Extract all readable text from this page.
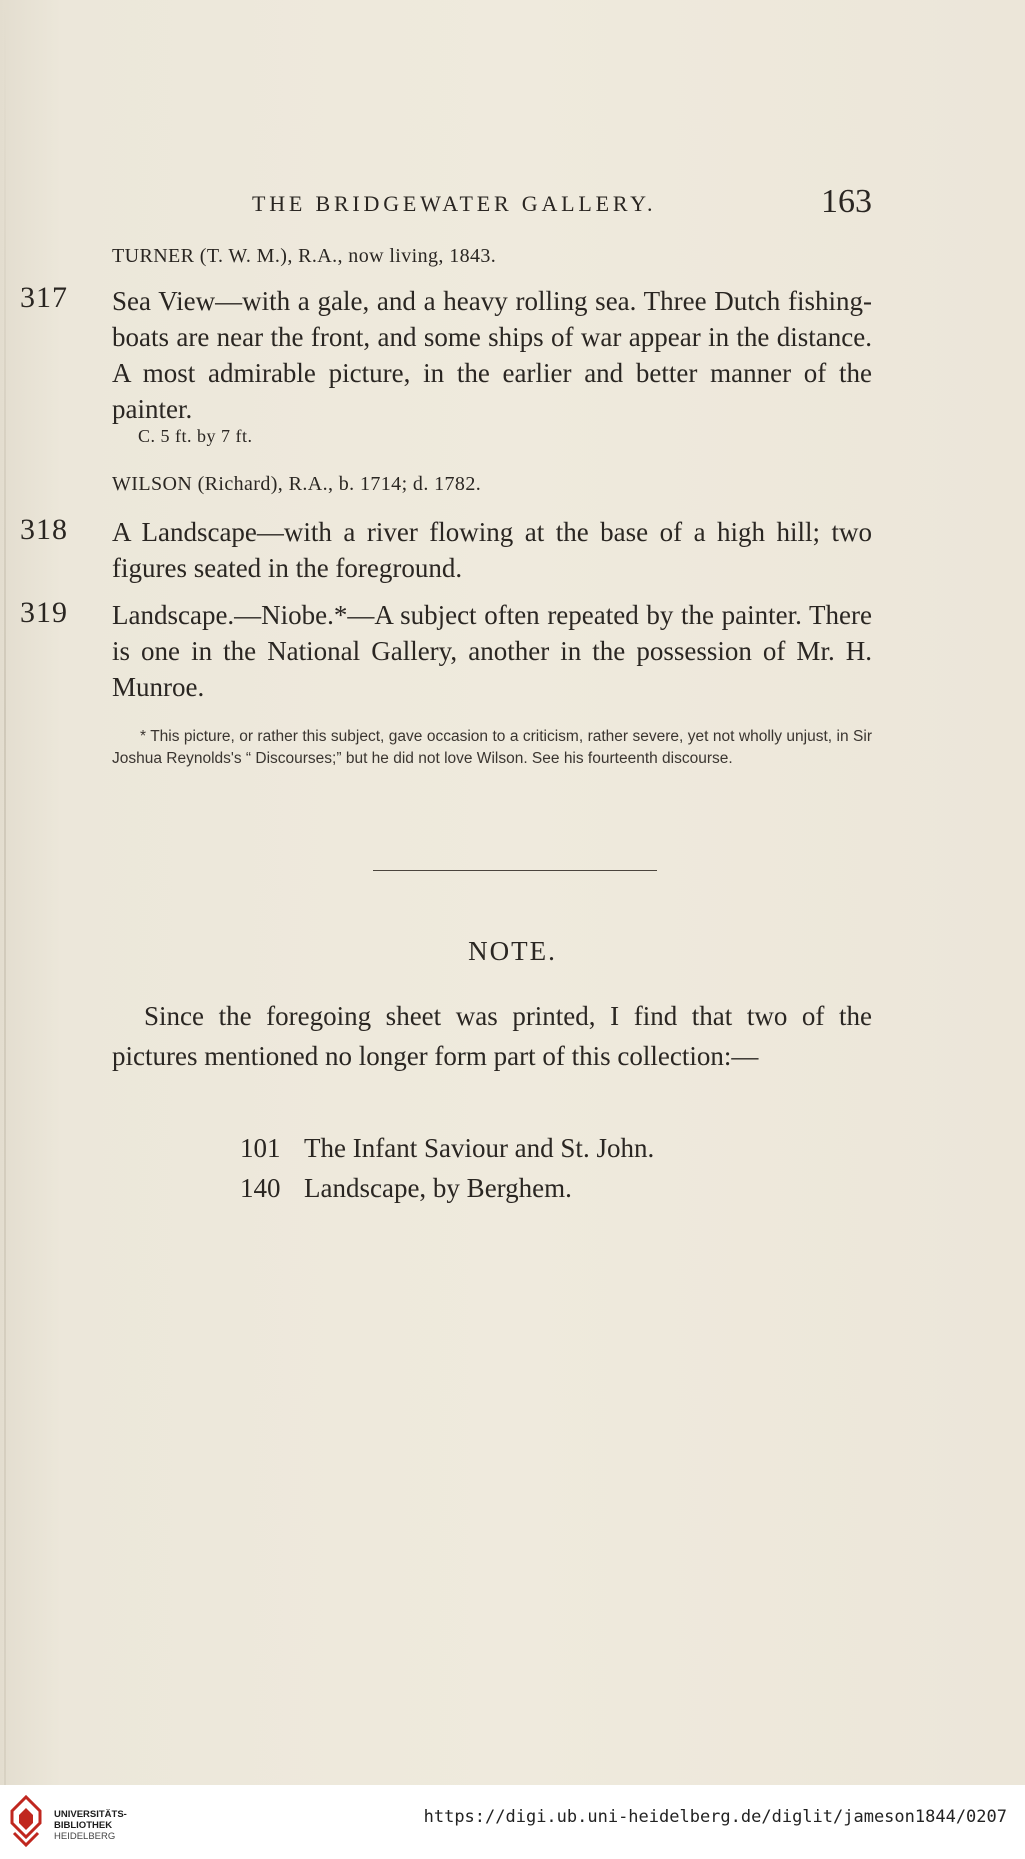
THE BRIDGEWATER GALLERY.	163
TURNER (T. W. M.), R.A., now living, 1843.
317 Sea View—with a gale, and a heavy rolling sea. Three Dutch fishing-boats are near the front, and some ships of war appear in the distance. A most admirable picture, in the earlier and better manner of the painter.
C. 5 ft. by 7 ft.
WILSON (Richard), R.A., b. 1714; d. 1782.
318 A Landscape—with a river flowing at the base of a high hill; two figures seated in the foreground.
319 Landscape.—Niobe.*—A subject often repeated by the painter. There is one in the National Gallery, another in the possession of Mr. H. Munroe.
* This picture, or rather this subject, gave occasion to a criticism, rather severe, yet not wholly unjust, in Sir Joshua Reynolds's “ Discourses;” but he did not love Wilson. See his fourteenth discourse.
NOTE.
Since the foregoing sheet was printed, I find that two of the pictures mentioned no longer form part of this collection:—
101 The Infant Saviour and St. John.
140 Landscape, by Berghem.
UNIVERSITÄTS-
BIBLIOTHEK
HEIDELBERG
https://digi.ub.uni-heidelberg.de/diglit/jameson1844/0207
